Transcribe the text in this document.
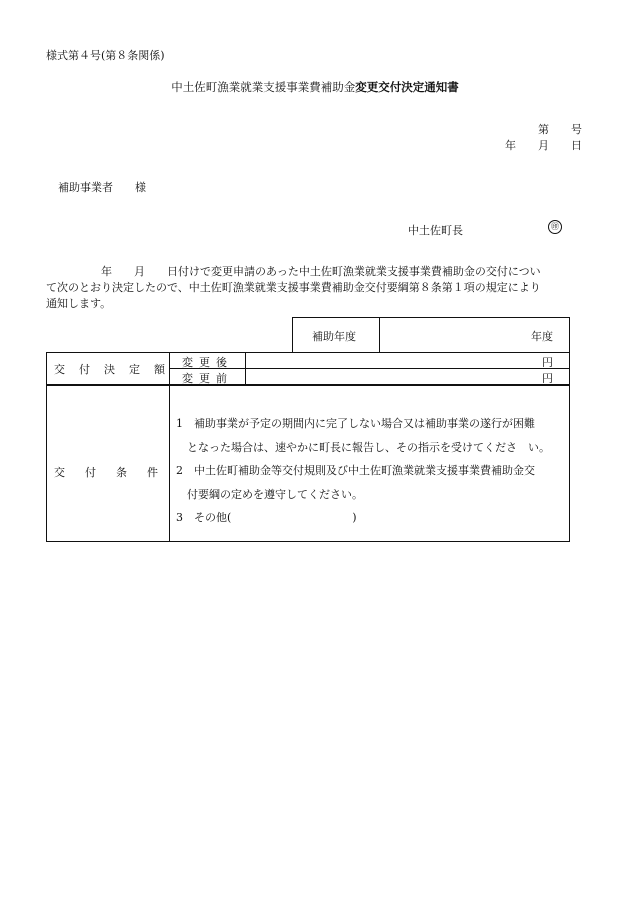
様式第４号(第８条関係)
中土佐町漁業就業支援事業費補助金変更交付決定通知書
第　　号
年　　月　　日
補助事業者　　様
中土佐町長	㊞
　　　　　年　　月　　日付けで変更申請のあった中土佐町漁業就業支援事業費補助金の交付につい
て次のとおり決定したので、中土佐町漁業就業支援事業費補助金交付要綱第８条第１項の規定により
通知します。
補助年度	年度
交付決定額
変更後
変更前
円
円
交付条件
1　補助事業が予定の期間内に完了しない場合又は補助事業の遂行が困難
　となった場合は、速やかに町長に報告し、その指示を受けてくださ　い。
2　中土佐町補助金等交付規則及び中土佐町漁業就業支援事業費補助金交
　付要綱の定めを遵守してください。
3　その他(　　　　　　　　　　　)
